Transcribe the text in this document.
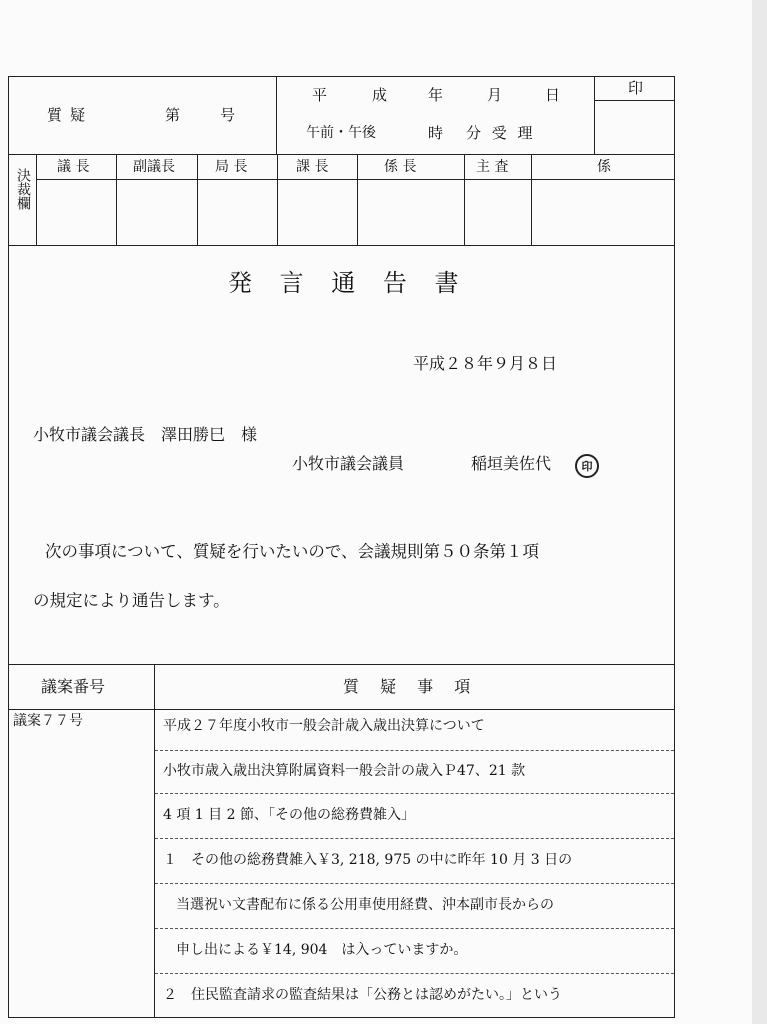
質疑	第	号
平	成	年	月	日
午前・午後	時 分 受 理
印
決裁欄
議 長	副議長	局 長	課 長	係 長	主 査	係
発 言 通 告 書
平成２８年９月８日
小牧市議会議長　澤田勝巳　様
小牧市議会議員	稲垣美佐代	印
次の事項について、質疑を行いたいので、会議規則第５０条第１項
の規定により通告します。
議案番号	質 疑 事 項
議案７７号	平成２７年度小牧市一般会計歳入歳出決算について
小牧市歳入歳出決算附属資料一般会計の歳入Ｐ47、21 款
4 項 1 目 2 節、「その他の総務費雑入」
１　その他の総務費雑入￥3, 218, 975 の中に昨年 10 月 3 日の
当選祝い文書配布に係る公用車使用経費、沖本副市長からの
申し出による￥14, 904　は入っていますか。
２　住民監査請求の監査結果は「公務とは認めがたい。」という
